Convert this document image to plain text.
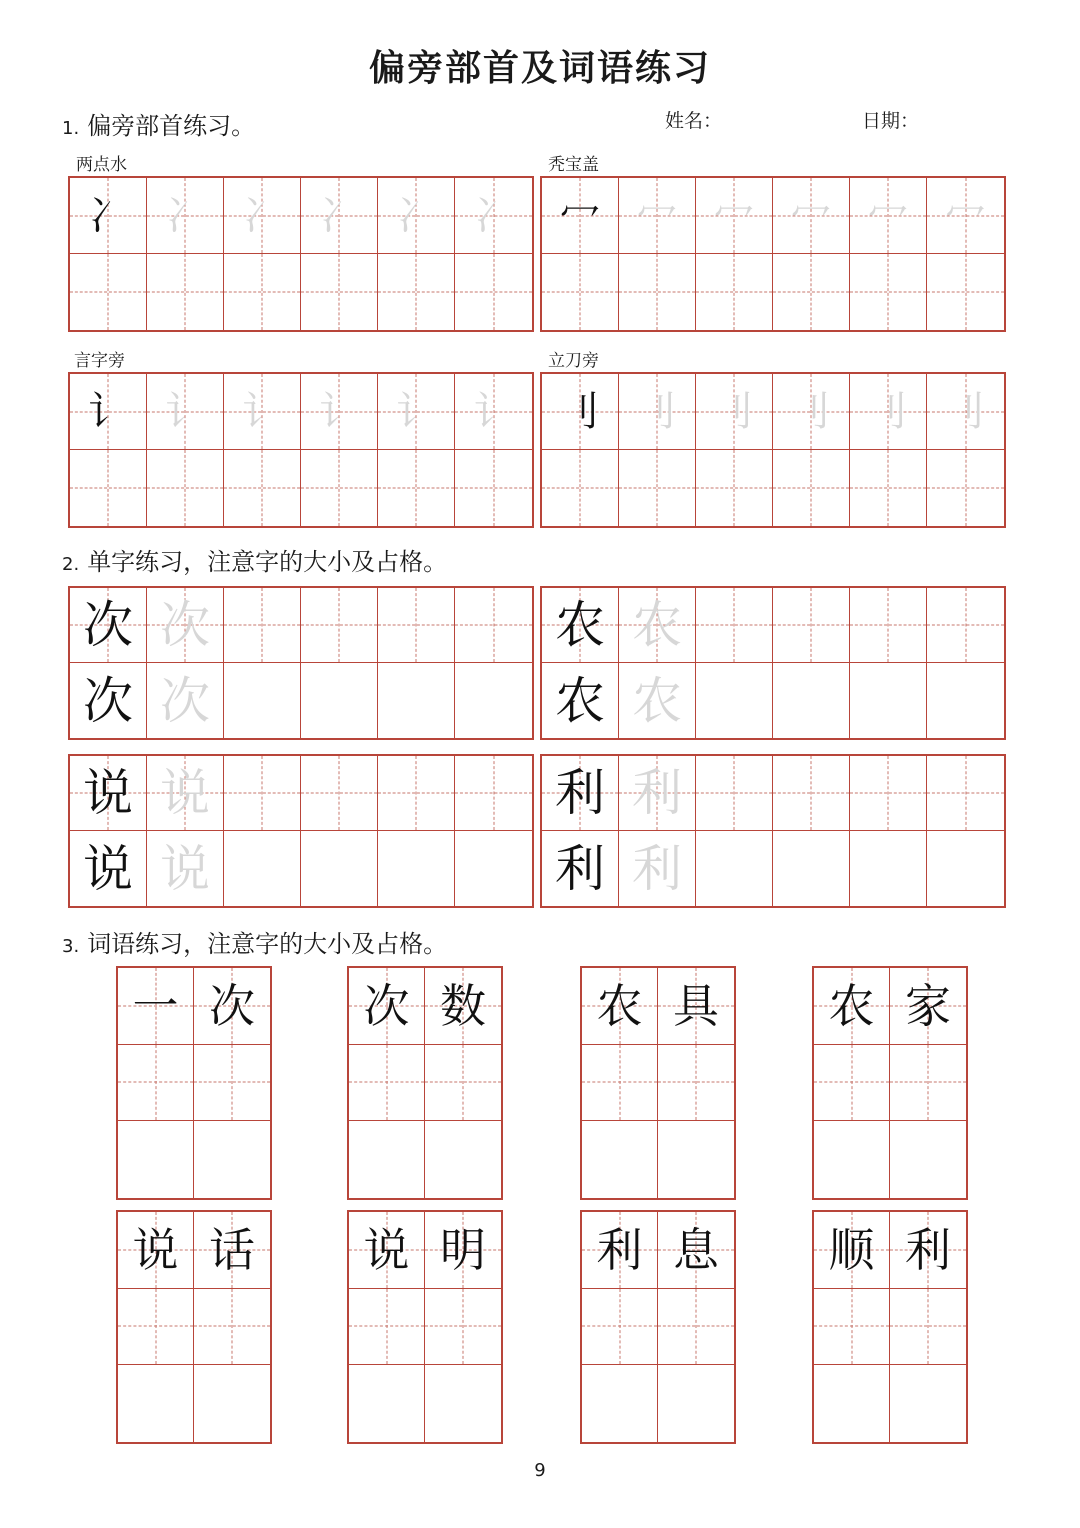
偏旁部首及词语练习
1. 偏旁部首练习。	姓名：	日期：
两点水	秃宝盖
言字旁	立刀旁
冫 冫 冫 冫 冫 冫 冖 冖 冖 冖 冖 冖
讠 讠 讠 讠 讠 讠 刂 刂 刂 刂 刂 刂
2. 单字练习，注意字的大小及占格。
次 次
次 次
农 农
农 农
说 说
说 说
利 利
利 利
3. 词语练习，注意字的大小及占格。
一 次 次 数 农 具 农 家
说 话 说 明 利 息 顺 利
9
